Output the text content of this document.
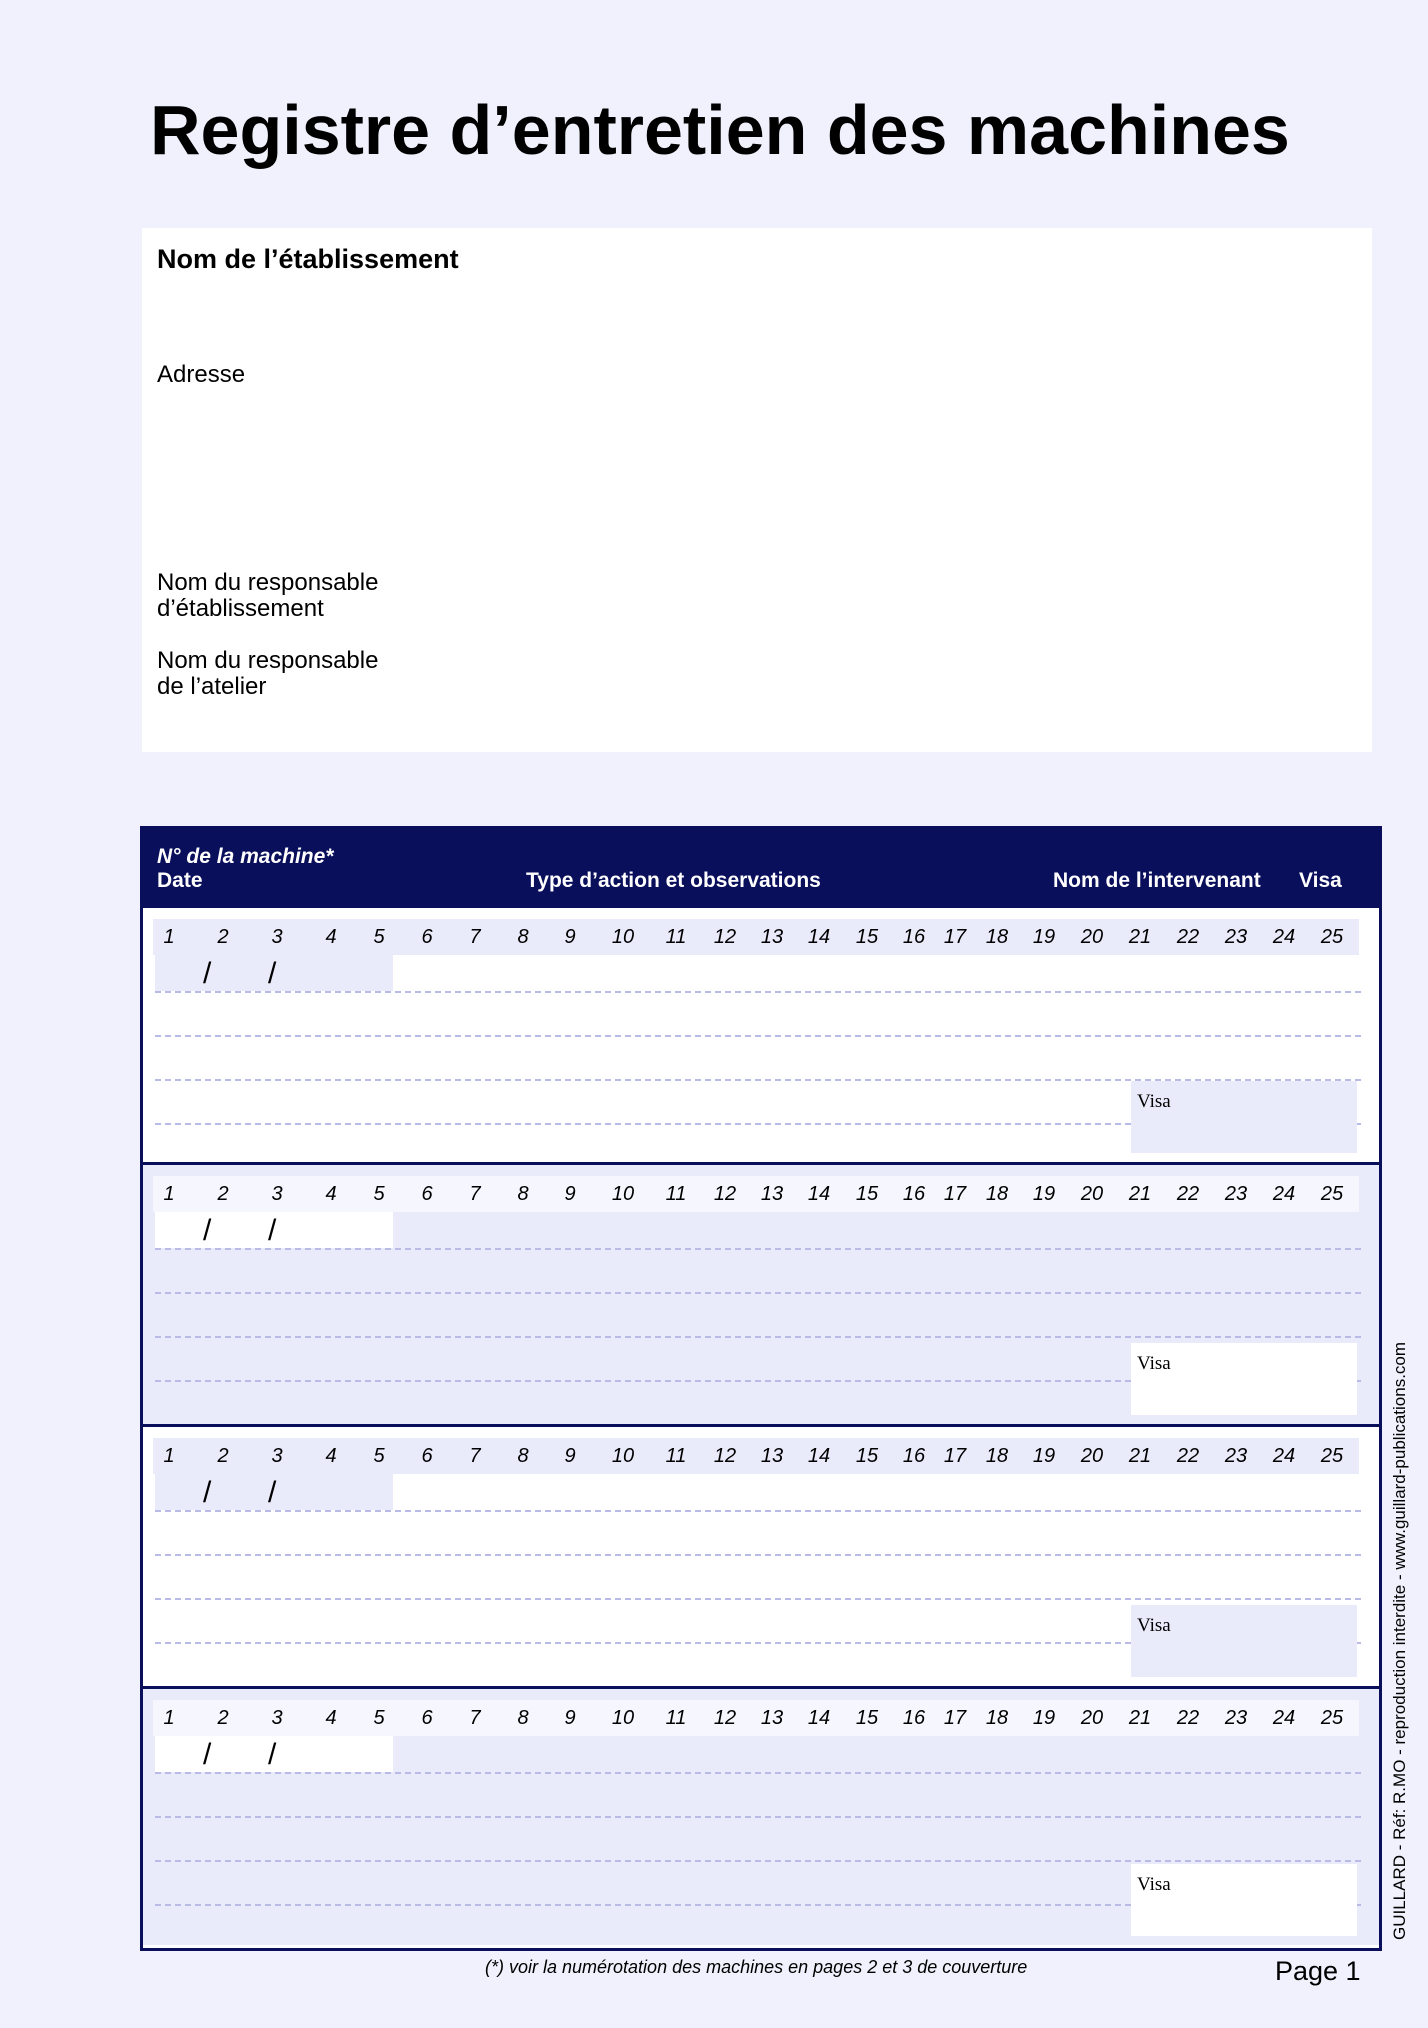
Registre d’entretien des machines
Nom de l’établissement
Adresse
Nom du responsable
d’établissement
Nom du responsable
de l’atelier
N° de la machine*
Date	Type d’action et observations	Nom de l’intervenant Visa
1 2 3 4 5 6 7 8 9 10 11 12 13 14 15 16 17 18 19 20 21 22 23 24 25
/ /
Visa
1 2 3 4 5 6 7 8 9 10 11 12 13 14 15 16 17 18 19 20 21 22 23 24 25
/ /
Visa
1 2 3 4 5 6 7 8 9 10 11 12 13 14 15 16 17 18 19 20 21 22 23 24 25
/ /
Visa
1 2 3 4 5 6 7 8 9 10 11 12 13 14 15 16 17 18 19 20 21 22 23 24 25
/ /
Visa
(*) voir la numérotation des machines en pages 2 et 3 de couverture	Page 1
GUILLARD - Réf: R.MO - reproduction interdite - www.guillard-publications.com
